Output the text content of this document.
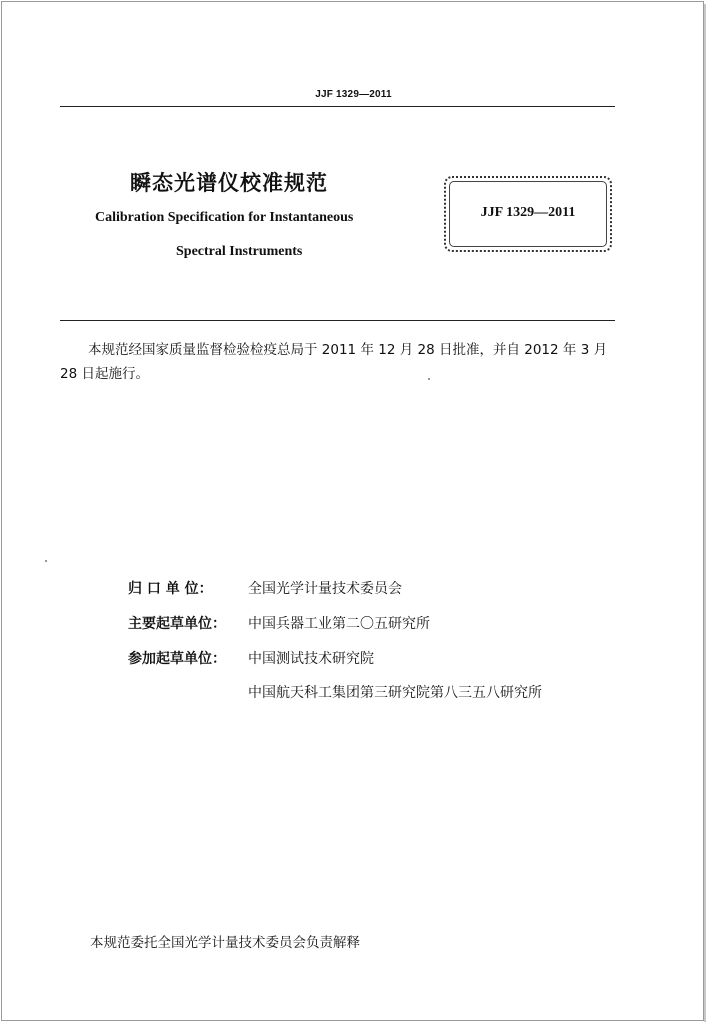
JJF 1329—2011
瞬态光谱仪校准规范
Calibration Specification for Instantaneous
Spectral Instruments
JJF 1329—2011
本规范经国家质量监督检验检疫总局于 2011 年 12 月 28 日批准，并自 2012 年 3 月 28 日起施行。
归 口 单 位：	全国光学计量技术委员会
主要起草单位： 中国兵器工业第二〇五研究所
参加起草单位： 中国测试技术研究院
中国航天科工集团第三研究院第八三五八研究所
本规范委托全国光学计量技术委员会负责解释
